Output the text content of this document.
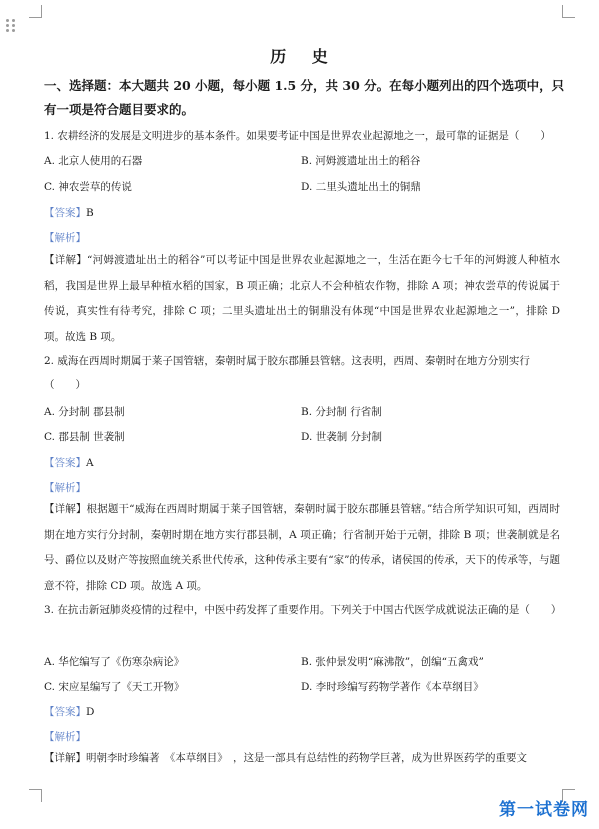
历 史
一、选择题：本大题共 20 小题，每小题 1.5 分，共 30 分。在每小题列出的四个选项中，只有一项是符合题目要求的。
1. 农耕经济的发展是文明进步的基本条件。如果要考证中国是世界农业起源地之一，最可靠的证据是（　　）
A. 北京人使用的石器	B. 河姆渡遗址出土的稻谷
C. 神农尝草的传说	D. 二里头遗址出土的铜鼎
【答案】B
【解析】
【详解】“河姆渡遗址出土的稻谷”可以考证中国是世界农业起源地之一，生活在距今七千年的河姆渡人种植水稻，我国是世界上最早种植水稻的国家，B 项正确；北京人不会种植农作物，排除 A 项；神农尝草的传说属于传说，真实性有待考究，排除 C 项；二里头遗址出土的铜鼎没有体现“中国是世界农业起源地之一”，排除 D 项。故选 B 项。
2. 威海在西周时期属于莱子国管辖，秦朝时属于胶东郡腄县管辖。这表明，西周、秦朝时在地方分别实行（　　）
A. 分封制 郡县制	B. 分封制 行省制
C. 郡县制 世袭制	D. 世袭制 分封制
【答案】A
【解析】
【详解】根据题干“威海在西周时期属于莱子国管辖，秦朝时属于胶东郡腄县管辖。”结合所学知识可知，西周时期在地方实行分封制，秦朝时期在地方实行郡县制，A 项正确；行省制开始于元朝，排除 B 项；世袭制就是名号、爵位以及财产等按照血统关系世代传承，这种传承主要有“家”的传承，诸侯国的传承，天下的传承等，与题意不符，排除 CD 项。故选 A 项。
3. 在抗击新冠肺炎疫情的过程中，中医中药发挥了重要作用。下列关于中国古代医学成就说法正确的是（　　）
A. 华佗编写了《伤寒杂病论》	B. 张仲景发明“麻沸散”，创编“五禽戏”
C. 宋应星编写了《天工开物》	D. 李时珍编写药物学著作《本草纲目》
【答案】D
【解析】
【详解】明朝李时珍编著　《本草纲目》　，这是一部具有总结性的药物学巨著，成为世界医药学的重要文
第一试卷网
